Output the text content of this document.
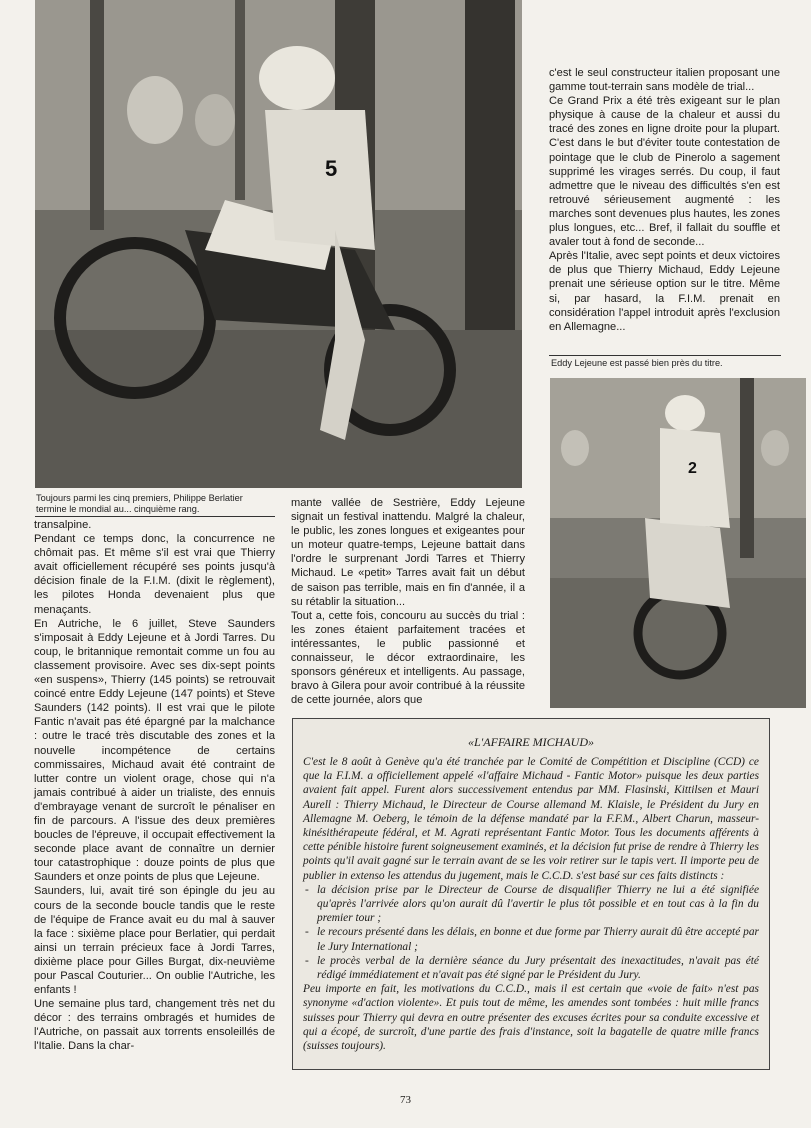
5
Toujours parmi les cinq premiers, Philippe Berlatier termine le mondial au... cinquième rang.

c'est le seul constructeur italien proposant une gamme tout-terrain sans modèle de trial...

Ce Grand Prix a été très exigeant sur le plan physique à cause de la chaleur et aussi du tracé des zones en ligne droite pour la plupart. C'est dans le but d'éviter toute contestation de pointage que le club de Pinerolo a sagement supprimé les virages serrés. Du coup, il faut admettre que le niveau des difficultés s'en est retrouvé sérieusement augmenté : les marches sont devenues plus hautes, les zones plus longues, etc... Bref, il fallait du souffle et avaler tout à fond de seconde...

Après l'Italie, avec sept points et deux victoires de plus que Thierry Michaud, Eddy Lejeune prenait une sérieuse option sur le titre. Même si, par hasard, la F.I.M. prenait en considération l'appel introduit après l'exclusion en Allemagne...

Eddy Lejeune est passé bien près du titre.
2

transalpine.

Pendant ce temps donc, la concurrence ne chômait pas. Et même s'il est vrai que Thierry avait officiellement récupéré ses points jusqu'à décision finale de la F.I.M. (dixit le règlement), les pilotes Honda devenaient plus que menaçants.

En Autriche, le 6 juillet, Steve Saunders s'imposait à Eddy Lejeune et à Jordi Tarres. Du coup, le britannique remontait comme un fou au classement provisoire. Avec ses dix-sept points «en suspens», Thierry (145 points) se retrouvait coincé entre Eddy Lejeune (147 points) et Steve Saunders (142 points). Il est vrai que le pilote Fantic n'avait pas été épargné par la malchance : outre le tracé très discutable des zones et la nouvelle incompétence de certains commissaires, Michaud avait été contraint de lutter contre un violent orage, chose qui n'a jamais contribué à aider un trialiste, des ennuis d'embrayage venant de surcroît le pénaliser en fin de parcours. A l'issue des deux premières boucles de l'épreuve, il occupait effectivement la seconde place avant de connaître un dernier tour catastrophique : douze points de plus que Saunders et onze points de plus que Lejeune.

Saunders, lui, avait tiré son épingle du jeu au cours de la seconde boucle tandis que le reste de l'équipe de France avait eu du mal à sauver la face : sixième place pour Berlatier, qui perdait ainsi un terrain précieux face à Jordi Tarres, dixième place pour Gilles Burgat, dix-neuvième pour Pascal Couturier... On oublie l'Autriche, les enfants !

Une semaine plus tard, changement très net du décor : des terrains ombragés et humides de l'Autriche, on passait aux torrents ensoleillés de l'Italie. Dans la char-

mante vallée de Sestrière, Eddy Lejeune signait un festival inattendu. Malgré la chaleur, le public, les zones longues et exigeantes pour un moteur quatre-temps, Lejeune battait dans l'ordre le surprenant Jordi Tarres et Thierry Michaud. Le «petit» Tarres avait fait un début de saison pas terrible, mais en fin d'année, il a su rétablir la situation...

Tout a, cette fois, concouru au succès du trial : les zones étaient parfaitement tracées et intéressantes, le public passionné et connaisseur, le décor extraordinaire, les sponsors généreux et intelligents. Au passage, bravo à Gilera pour avoir contribué à la réussite de cette journée, alors que

«L'AFFAIRE MICHAUD»

C'est le 8 août à Genève qu'a été tranchée par le Comité de Compétition et Discipline (CCD) ce que la F.I.M. a officiellement appelé «l'affaire Michaud - Fantic Motor» puisque les deux parties avaient fait appel. Furent alors successivement entendus par MM. Flasinski, Kittilsen et Mauri Aurell : Thierry Michaud, le Directeur de Course allemand M. Klaisle, le Président du Jury en Allemagne M. Oeberg, le témoin de la défense mandaté par la F.F.M., Albert Charun, masseur-kinésithérapeute fédéral, et M. Agrati représentant Fantic Motor. Tous les documents afférents à cette pénible histoire furent soigneusement examinés, et la décision fut prise de rendre à Thierry les points qu'il avait gagné sur le terrain avant de se les voir retirer sur le tapis vert. Il importe peu de publier in extenso les attendus du jugement, mais le C.C.D. s'est basé sur ces faits distincts :

- la décision prise par le Directeur de Course de disqualifier Thierry ne lui a été signifiée qu'après l'arrivée alors qu'on aurait dû l'avertir le plus tôt possible et en tout cas à la fin du premier tour ;
- le recours présenté dans les délais, en bonne et due forme par Thierry aurait dû être accepté par le Jury International ;
- le procès verbal de la dernière séance du Jury présentait des inexactitudes, n'avait pas été rédigé immédiatement et n'avait pas été signé par le Président du Jury.

Peu importe en fait, les motivations du C.C.D., mais il est certain que «voie de fait» n'est pas synonyme «d'action violente». Et puis tout de même, les amendes sont tombées : huit mille francs suisses pour Thierry qui devra en outre présenter des excuses écrites pour sa conduite excessive et qui a écopé, de surcroît, d'une partie des frais d'instance, soit la bagatelle de quatre mille francs (suisses toujours).

73
